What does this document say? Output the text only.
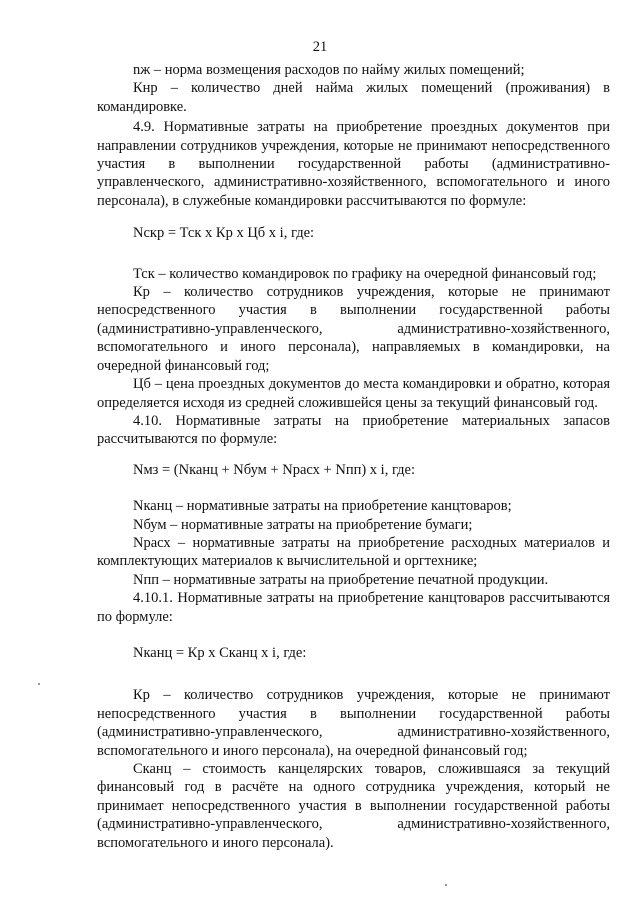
21

nж – норма возмещения расходов по найму жилых помещений;

Кнр – количество дней найма жилых помещений (проживания) в командировке.

4.9. Нормативные затраты на приобретение проездных документов при направлении сотрудников учреждения, которые не принимают непосредственного участия в выполнении государственной работы (административно-управленческого, административно-хозяйственного, вспомогательного и иного персонала), в служебные командировки рассчитываются по формуле:

Nскр = Тск x Кр x Цб x i, где:

Тск – количество командировок по графику на очередной финансовый год;

Кр – количество сотрудников учреждения, которые не принимают непосредственного участия в выполнении государственной работы (административно-управленческого, административно-хозяйственного, вспомогательного и иного персонала), направляемых в командировки, на очередной финансовый год;

Цб – цена проездных документов до места командировки и обратно, которая определяется исходя из средней сложившейся цены за текущий финансовый год.

4.10. Нормативные затраты на приобретение материальных запасов рассчитываются по формуле:

Nмз = (Nканц + Nбум + Nрасх + Nпп) x i, где:

Nканц – нормативные затраты на приобретение канцтоваров;

Nбум – нормативные затраты на приобретение бумаги;

Nрасх – нормативные затраты на приобретение расходных материалов и комплектующих материалов к вычислительной и оргтехнике;

Nпп – нормативные затраты на приобретение печатной продукции.

4.10.1. Нормативные затраты на приобретение канцтоваров рассчитываются по формуле:

Nканц = Кр x Сканц x i, где:

Кр – количество сотрудников учреждения, которые не принимают непосредственного участия в выполнении государственной работы (административно-управленческого, административно-хозяйственного, вспомогательного и иного персонала), на очередной финансовый год;

Сканц – стоимость канцелярских товаров, сложившаяся за текущий финансовый год в расчёте на одного сотрудника учреждения, который не принимает непосредственного участия в выполнении государственной работы (административно-управленческого, административно-хозяйственного, вспомогательного и иного персонала).
